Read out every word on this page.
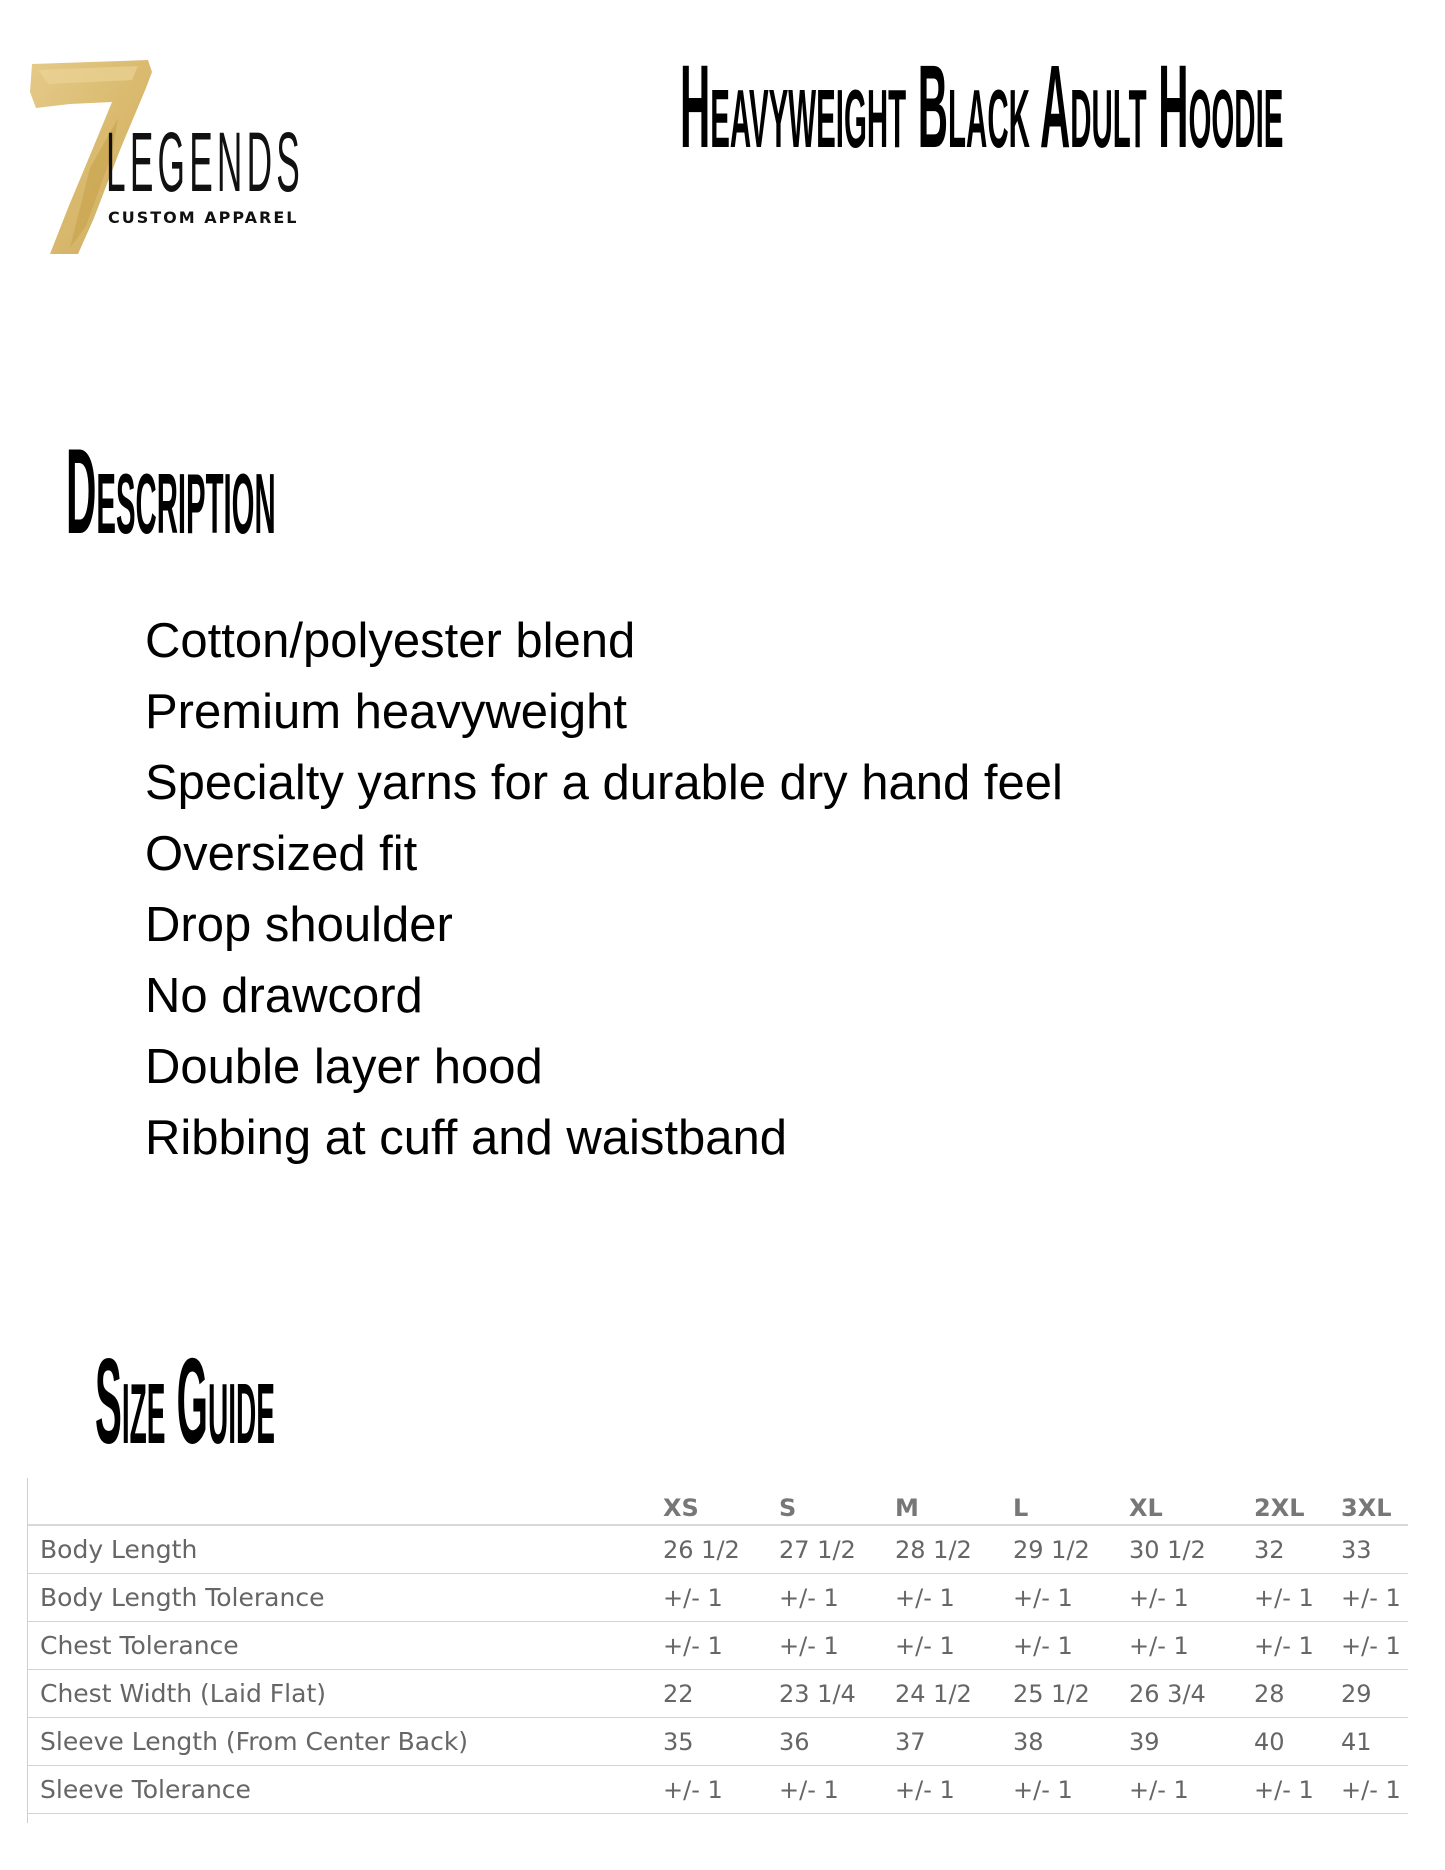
LEGENDS
CUSTOM APPAREL
Heavyweight Black Adult Hoodie
Description
Cotton/polyester blend
Premium heavyweight
Specialty yarns for a durable dry hand feel
Oversized fit
Drop shoulder
No drawcord
Double layer hood
Ribbing at cuff and waistband
Size Guide
	XS	S	M	L	XL	2XL	3XL
Body Length	26 1/2	27 1/2	28 1/2	29 1/2	30 1/2	32	33
Body Length Tolerance	+/- 1	+/- 1	+/- 1	+/- 1	+/- 1	+/- 1	+/- 1
Chest Tolerance	+/- 1	+/- 1	+/- 1	+/- 1	+/- 1	+/- 1	+/- 1
Chest Width (Laid Flat)	22	23 1/4	24 1/2	25 1/2	26 3/4	28	29
Sleeve Length (From Center Back)	35	36	37	38	39	40	41
Sleeve Tolerance	+/- 1	+/- 1	+/- 1	+/- 1	+/- 1	+/- 1	+/- 1
